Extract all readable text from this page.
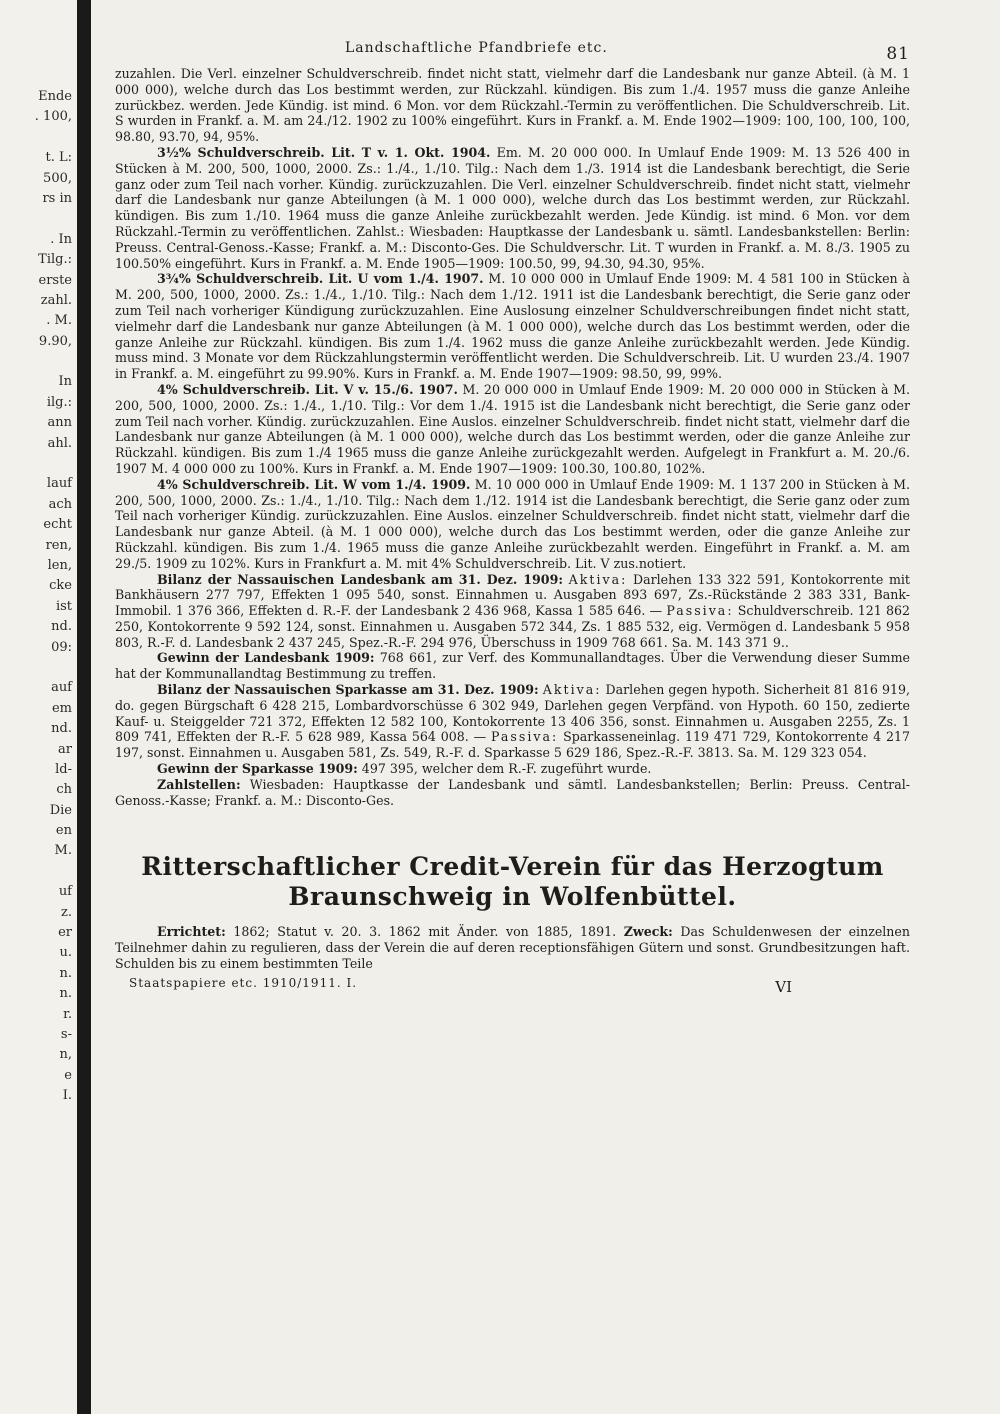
Ende
. 100,
t. L:
500,
rs in
. In
Tilg.:
erste
zahl.
. M.
9.90,
In
ilg.:
ann
ahl.
lauf
ach
echt
ren,
len,
cke
ist
nd.
09:
auf
em
nd.
ar
ld-
ch
Die
en
M.
uf
z.
er
u.
n.
n.
r.
s-
n,
e
I.
Landschaftliche Pfandbriefe etc.	81

zuzahlen. Die Verl. einzelner Schuldverschreib. findet nicht statt, vielmehr darf die Landesbank nur ganze Abteil. (à M. 1 000 000), welche durch das Los bestimmt werden, zur Rückzahl. kündigen. Bis zum 1./4. 1957 muss die ganze Anleihe zurückbez. werden. Jede Kündig. ist mind. 6 Mon. vor dem Rückzahl.-Termin zu veröffentlichen. Die Schuldverschreib. Lit. S wurden in Frankf. a. M. am 24./12. 1902 zu 100% eingeführt. Kurs in Frankf. a. M. Ende 1902—1909: 100, 100, 100, 100, 98.80, 93.70, 94, 95%.

3½% Schuldverschreib. Lit. T v. 1. Okt. 1904. Em. M. 20 000 000. In Umlauf Ende 1909: M. 13 526 400 in Stücken à M. 200, 500, 1000, 2000. Zs.: 1./4., 1./10. Tilg.: Nach dem 1./3. 1914 ist die Landesbank berechtigt, die Serie ganz oder zum Teil nach vorher. Kündig. zurückzuzahlen. Die Verl. einzelner Schuldverschreib. findet nicht statt, vielmehr darf die Landesbank nur ganze Abteilungen (à M. 1 000 000), welche durch das Los bestimmt werden, zur Rückzahl. kündigen. Bis zum 1./10. 1964 muss die ganze Anleihe zurückbezahlt werden. Jede Kündig. ist mind. 6 Mon. vor dem Rückzahl.-Termin zu veröffentlichen. Zahlst.: Wiesbaden: Hauptkasse der Landesbank u. sämtl. Landesbankstellen: Berlin: Preuss. Central-Genoss.-Kasse; Frankf. a. M.: Disconto-Ges. Die Schuldverschr. Lit. T wurden in Frankf. a. M. 8./3. 1905 zu 100.50% eingeführt. Kurs in Frankf. a. M. Ende 1905—1909: 100.50, 99, 94.30, 94.30, 95%.

3¾% Schuldverschreib. Lit. U vom 1./4. 1907. M. 10 000 000 in Umlauf Ende 1909: M. 4 581 100 in Stücken à M. 200, 500, 1000, 2000. Zs.: 1./4., 1./10. Tilg.: Nach dem 1./12. 1911 ist die Landesbank berechtigt, die Serie ganz oder zum Teil nach vorheriger Kündigung zurückzuzahlen. Eine Auslosung einzelner Schuldverschreibungen findet nicht statt, vielmehr darf die Landesbank nur ganze Abteilungen (à M. 1 000 000), welche durch das Los bestimmt werden, oder die ganze Anleihe zur Rückzahl. kündigen. Bis zum 1./4. 1962 muss die ganze Anleihe zurückbezahlt werden. Jede Kündig. muss mind. 3 Monate vor dem Rückzahlungstermin veröffentlicht werden. Die Schuldverschreib. Lit. U wurden 23./4. 1907 in Frankf. a. M. eingeführt zu 99.90%. Kurs in Frankf. a. M. Ende 1907—1909: 98.50, 99, 99%.

4% Schuldverschreib. Lit. V v. 15./6. 1907. M. 20 000 000 in Umlauf Ende 1909: M. 20 000 000 in Stücken à M. 200, 500, 1000, 2000. Zs.: 1./4., 1./10. Tilg.: Vor dem 1./4. 1915 ist die Landesbank nicht berechtigt, die Serie ganz oder zum Teil nach vorher. Kündig. zurückzuzahlen. Eine Auslos. einzelner Schuldverschreib. findet nicht statt, vielmehr darf die Landesbank nur ganze Abteilungen (à M. 1 000 000), welche durch das Los bestimmt werden, oder die ganze Anleihe zur Rückzahl. kündigen. Bis zum 1./4 1965 muss die ganze Anleihe zurückgezahlt werden. Aufgelegt in Frankfurt a. M. 20./6. 1907 M. 4 000 000 zu 100%. Kurs in Frankf. a. M. Ende 1907—1909: 100.30, 100.80, 102%.

4% Schuldverschreib. Lit. W vom 1./4. 1909. M. 10 000 000 in Umlauf Ende 1909: M. 1 137 200 in Stücken à M. 200, 500, 1000, 2000. Zs.: 1./4., 1./10. Tilg.: Nach dem 1./12. 1914 ist die Landesbank berechtigt, die Serie ganz oder zum Teil nach vorheriger Kündig. zurückzuzahlen. Eine Auslos. einzelner Schuldverschreib. findet nicht statt, vielmehr darf die Landesbank nur ganze Abteil. (à M. 1 000 000), welche durch das Los bestimmt werden, oder die ganze Anleihe zur Rückzahl. kündigen. Bis zum 1./4. 1965 muss die ganze Anleihe zurückbezahlt werden. Eingeführt in Frankf. a. M. am 29./5. 1909 zu 102%. Kurs in Frankfurt a. M. mit 4% Schuldverschreib. Lit. V zus.notiert.

Bilanz der Nassauischen Landesbank am 31. Dez. 1909: Aktiva: Darlehen 133 322 591, Kontokorrente mit Bankhäusern 277 797, Effekten 1 095 540, sonst. Einnahmen u. Ausgaben 893 697, Zs.-Rückstände 2 383 331, Bank-Immobil. 1 376 366, Effekten d. R.-F. der Landesbank 2 436 968, Kassa 1 585 646. — Passiva: Schuldverschreib. 121 862 250, Kontokorrente 9 592 124, sonst. Einnahmen u. Ausgaben 572 344, Zs. 1 885 532, eig. Vermögen d. Landesbank 5 958 803, R.-F. d. Landesbank 2 437 245, Spez.-R.-F. 294 976, Überschuss in 1909 768 661. Sa. M. 143 371 9..

Gewinn der Landesbank 1909: 768 661, zur Verf. des Kommunallandtages. Über die Verwendung dieser Summe hat der Kommunallandtag Bestimmung zu treffen.

Bilanz der Nassauischen Sparkasse am 31. Dez. 1909: Aktiva: Darlehen gegen hypoth. Sicherheit 81 816 919, do. gegen Bürgschaft 6 428 215, Lombardvorschüsse 6 302 949, Darlehen gegen Verpfänd. von Hypoth. 60 150, zedierte Kauf- u. Steiggelder 721 372, Effekten 12 582 100, Kontokorrente 13 406 356, sonst. Einnahmen u. Ausgaben 2255, Zs. 1 809 741, Effekten der R.-F. 5 628 989, Kassa 564 008. — Passiva: Sparkasseneinlag. 119 471 729, Kontokorrente 4 217 197, sonst. Einnahmen u. Ausgaben 581, Zs. 549, R.-F. d. Sparkasse 5 629 186, Spez.-R.-F. 3813. Sa. M. 129 323 054.

Gewinn der Sparkasse 1909: 497 395, welcher dem R.-F. zugeführt wurde.

Zahlstellen: Wiesbaden: Hauptkasse der Landesbank und sämtl. Landesbankstellen; Berlin: Preuss. Central-Genoss.-Kasse; Frankf. a. M.: Disconto-Ges.

Ritterschaftlicher Credit-Verein für das Herzogtum
Braunschweig in Wolfenbüttel.

Errichtet: 1862; Statut v. 20. 3. 1862 mit Änder. von 1885, 1891. Zweck: Das Schuldenwesen der einzelnen Teilnehmer dahin zu regulieren, dass der Verein die auf deren receptionsfähigen Gütern und sonst. Grundbesitzungen haft. Schulden bis zu einem bestimmten Teile

Staatspapiere etc. 1910/1911. I.	VI
